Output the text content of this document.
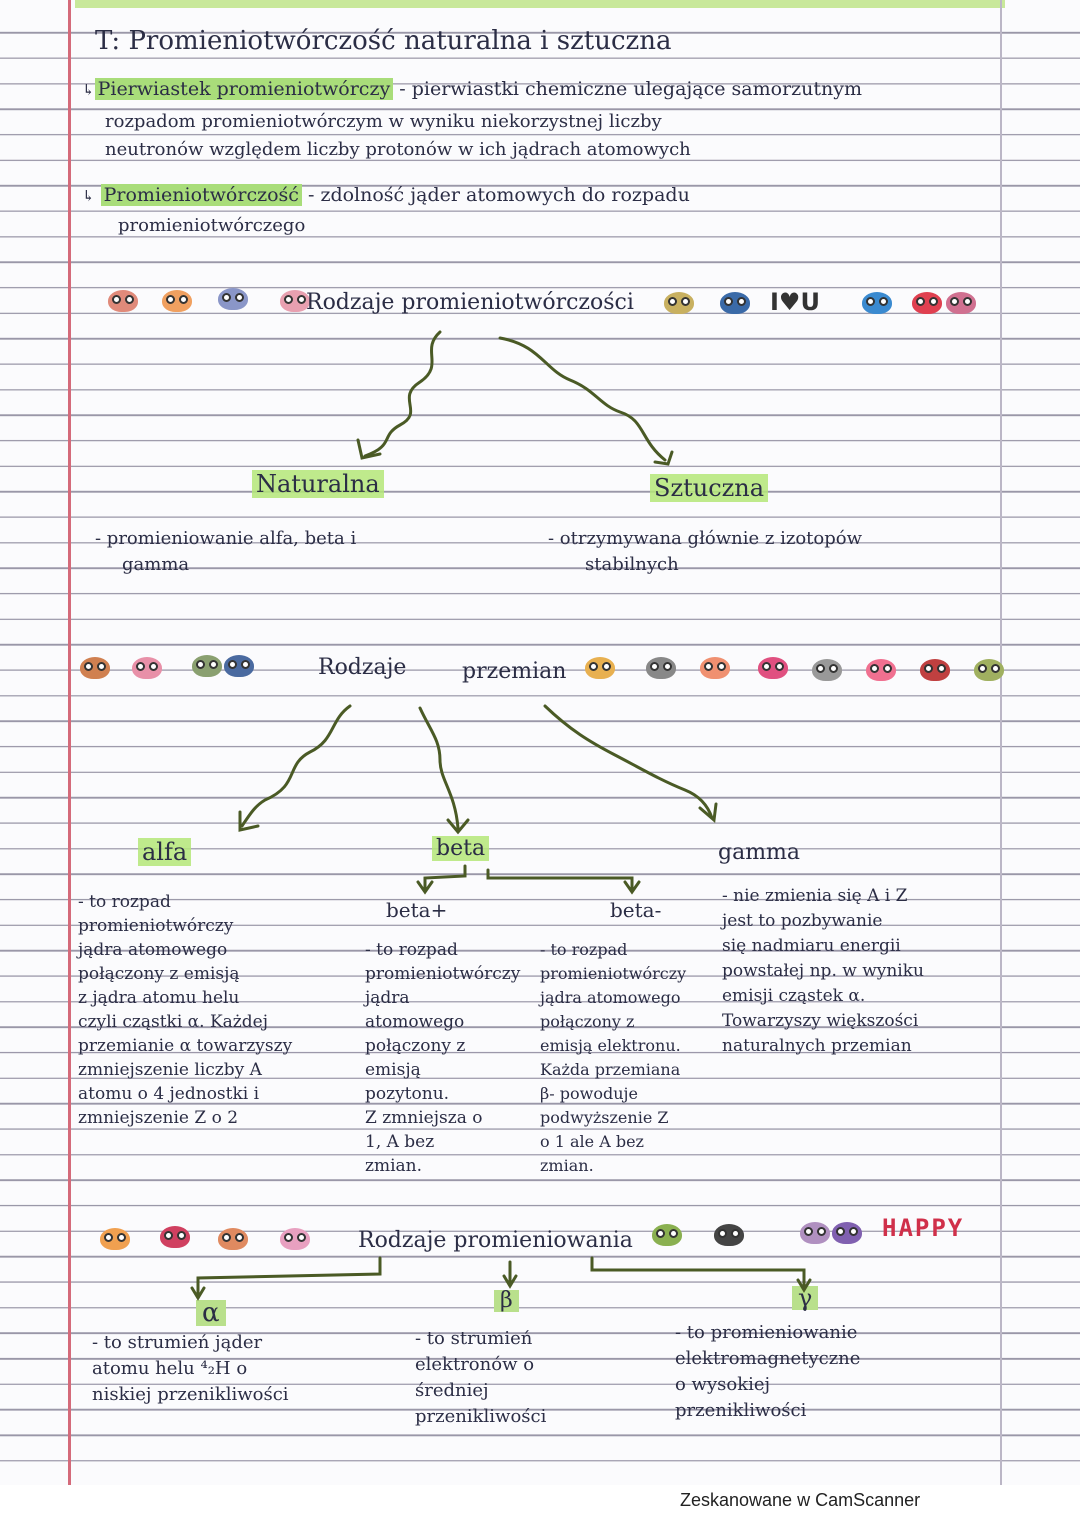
T: Promieniotwórczość naturalna i sztuczna
↳ Pierwiastek promieniotwórczy - pierwiastki chemiczne ulegające samorzutnym
rozpadom promieniotwórczym w wyniku niekorzystnej liczby
neutronów względem liczby protonów w ich jądrach atomowych
↳ Promieniotwórczość - zdolność jąder atomowych do rozpadu
promieniotwórczego
I♥U
Rodzaje promieniotwórczości
Naturalna	Sztuczna
- promieniowanie alfa, beta i
gamma
- otrzymywana głównie z izotopów
stabilnych
Rodzaje	przemian
alfa	beta	gamma
beta+	beta-
- to rozpad
promieniotwórczy
jądra atomowego
połączony z emisją
z jądra atomu helu
czyli cząstki α. Każdej
przemianie α towarzyszy
zmniejszenie liczby A
atomu o 4 jednostki i
zmniejszenie Z o 2
- to rozpad
promieniotwórczy
jądra
atomowego
połączony z
emisją
pozytonu.
Z zmniejsza o
1, A bez
zmian.
- to rozpad
promieniotwórczy
jądra atomowego
połączony z
emisją elektronu.
Każda przemiana
β- powoduje
podwyższenie Z
o 1 ale A bez
zmian.
- nie zmienia się A i Z
jest to pozbywanie
się nadmiaru energii
powstałej np. w wyniku
emisji cząstek α.
Towarzyszy większości
naturalnych przemian
HAPPY
Rodzaje promieniowania
α	β	γ
- to strumień jąder
atomu helu ⁴₂H o
niskiej przenikliwości
- to strumień
elektronów o
średniej
przenikliwości
- to promieniowanie
elektromagnetyczne
o wysokiej
przenikliwości
Zeskanowane w CamScanner
